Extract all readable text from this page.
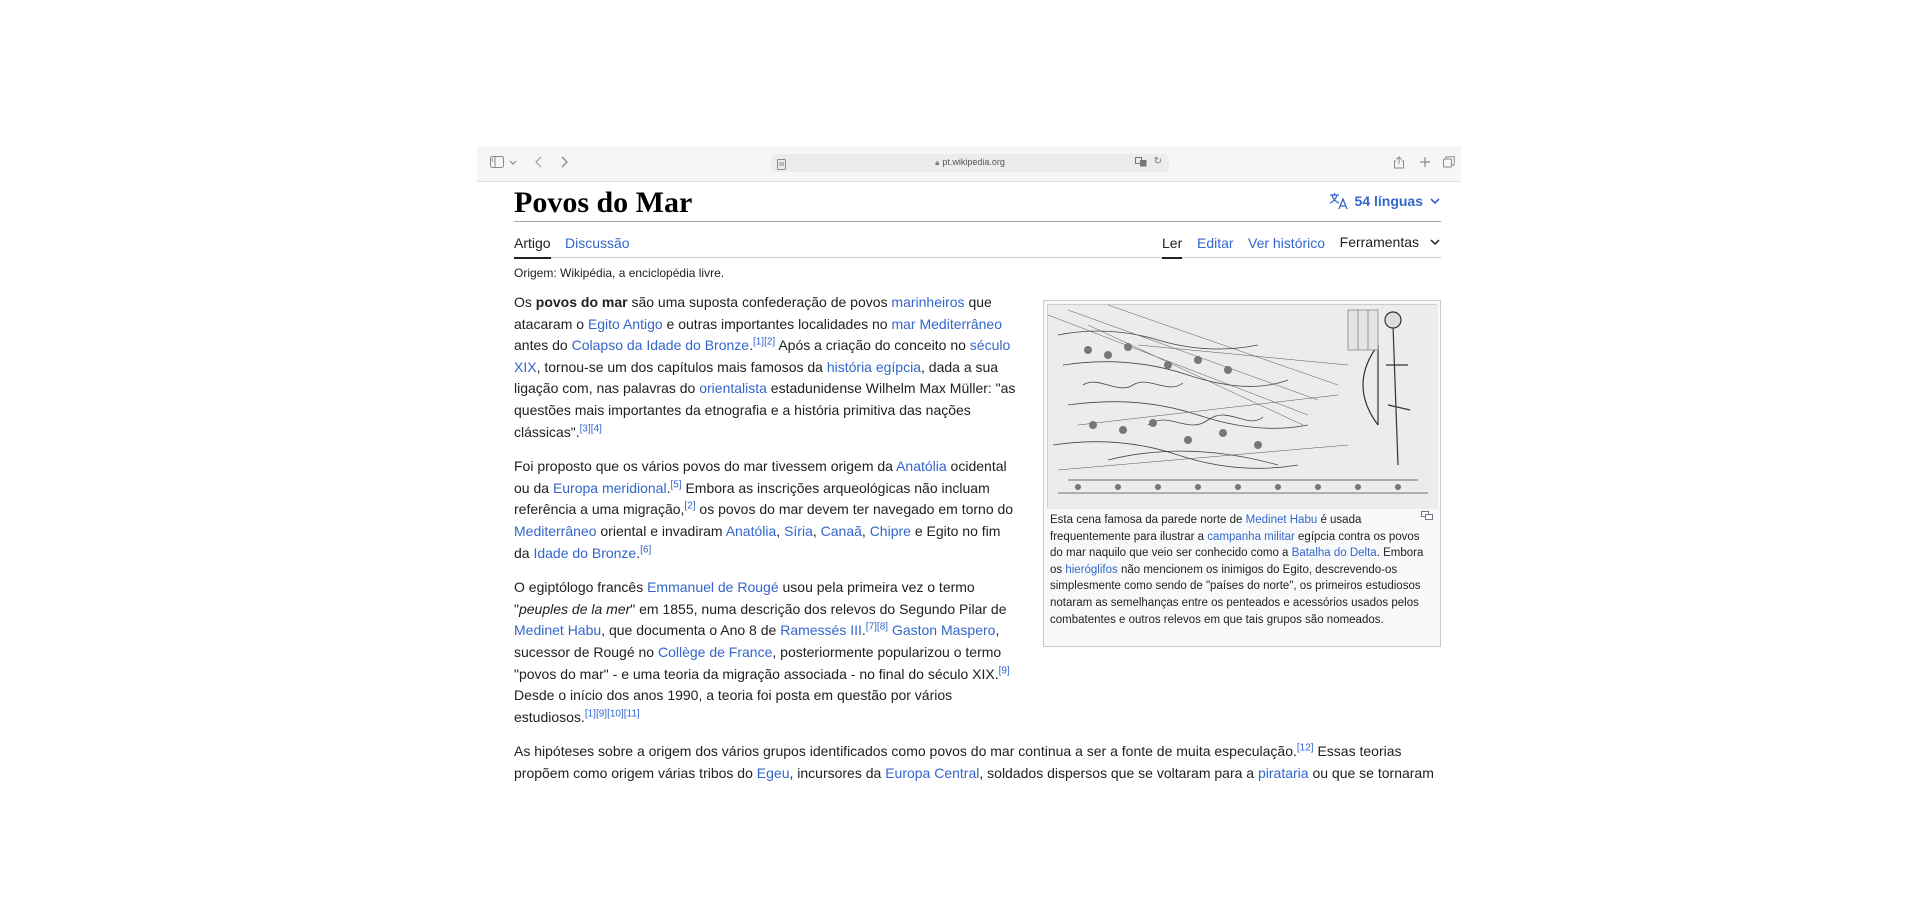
🔒︎ pt.wikipedia.org	↻
Povos do Mar	54 línguas
Artigo Discussão	Ler Editar Ver histórico Ferramentas
Origem: Wikipédia, a enciclopédia livre.
Esta cena famosa da parede norte de Medinet Habu é usada frequentemente para ilustrar a campanha militar egípcia contra os povos do mar naquilo que veio ser conhecido como a Batalha do Delta. Embora os hieróglifos não mencionem os inimigos do Egito, descrevendo-os simplesmente como sendo de "países do norte", os primeiros estudiosos notaram as semelhanças entre os penteados e acessórios usados pelos combatentes e outros relevos em que tais grupos são nomeados.

Os povos do mar são uma suposta confederação de povos marinheiros que atacaram o Egito Antigo e outras importantes localidades no mar Mediterrâneo antes do Colapso da Idade do Bronze.[1][2] Após a criação do conceito no século XIX, tornou-se um dos capítulos mais famosos da história egípcia, dada a sua ligação com, nas palavras do orientalista estadunidense Wilhelm Max Müller: "as questões mais importantes da etnografia e a história primitiva das nações clássicas".[3][4]

Foi proposto que os vários povos do mar tivessem origem da Anatólia ocidental ou da Europa meridional.[5] Embora as inscrições arqueológicas não incluam referência a uma migração,[2] os povos do mar devem ter navegado em torno do Mediterrâneo oriental e invadiram Anatólia, Síria, Canaã, Chipre e Egito no fim da Idade do Bronze.[6]

O egiptólogo francês Emmanuel de Rougé usou pela primeira vez o termo "peuples de la mer" em 1855, numa descrição dos relevos do Segundo Pilar de Medinet Habu, que documenta o Ano 8 de Ramessés III.[7][8] Gaston Maspero, sucessor de Rougé no Collège de France, posteriormente popularizou o termo "povos do mar" - e uma teoria da migração associada - no final do século XIX.[9]
Desde o início dos anos 1990, a teoria foi posta em questão por vários estudiosos.[1][9][10][11]

As hipóteses sobre a origem dos vários grupos identificados como povos do mar continua a ser a fonte de muita especulação.[12] Essas teorias propõem como origem várias tribos do Egeu, incursores da Europa Central, soldados dispersos que se voltaram para a pirataria ou que se tornaram
